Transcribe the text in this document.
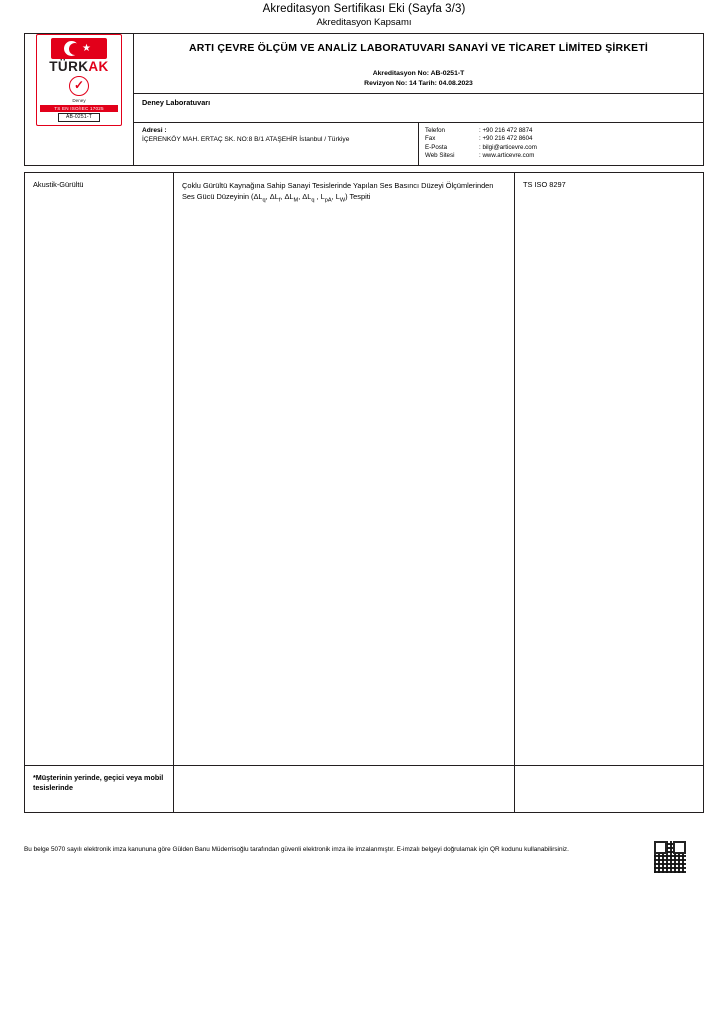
Akreditasyon Sertifikası Eki (Sayfa 3/3)
Akreditasyon Kapsamı
★
TÜRKAK
✓
Deney
TS EN ISO/IEC 17025
AB-0251-T

ARTI ÇEVRE ÖLÇÜM VE ANALİZ LABORATUVARI SANAYİ VE TİCARET LİMİTED ŞİRKETİ
Akreditasyon No: AB-0251-T
Revizyon No: 14 Tarih: 04.08.2023

	Deney Laboratuvarı	

Adresi :
İÇERENKÖY MAH. ERTAÇ SK. NO:8 B/1 ATAŞEHİR İstanbul / Türkiye

Telefon	: +90 216 472 8874
Fax	: +90 216 472 8604
E-Posta	: bilgi@articevre.com
Web Sitesi	: www.articevre.com
Akustik-Gürültü	Çoklu Gürültü Kaynağına Sahip Sanayi Tesislerinde Yapılan Ses Basıncı Düzeyi Ölçümlerinden Ses Gücü Düzeyinin ($\Delta L_q$, $\Delta L_f$, $\Delta L_M$, $\Delta L_q$ , $L_{pA}$, $L_W$) Tespiti	TS ISO 8297
*Müşterinin yerinde, geçici veya mobil tesislerinde		
Bu belge 5070 sayılı elektronik imza kanununa göre Gülden Banu Müderrisoğlu tarafından güvenli elektronik imza ile imzalanmıştır. E-imzalı belgeyi doğrulamak için QR kodunu kullanabilirsiniz.
